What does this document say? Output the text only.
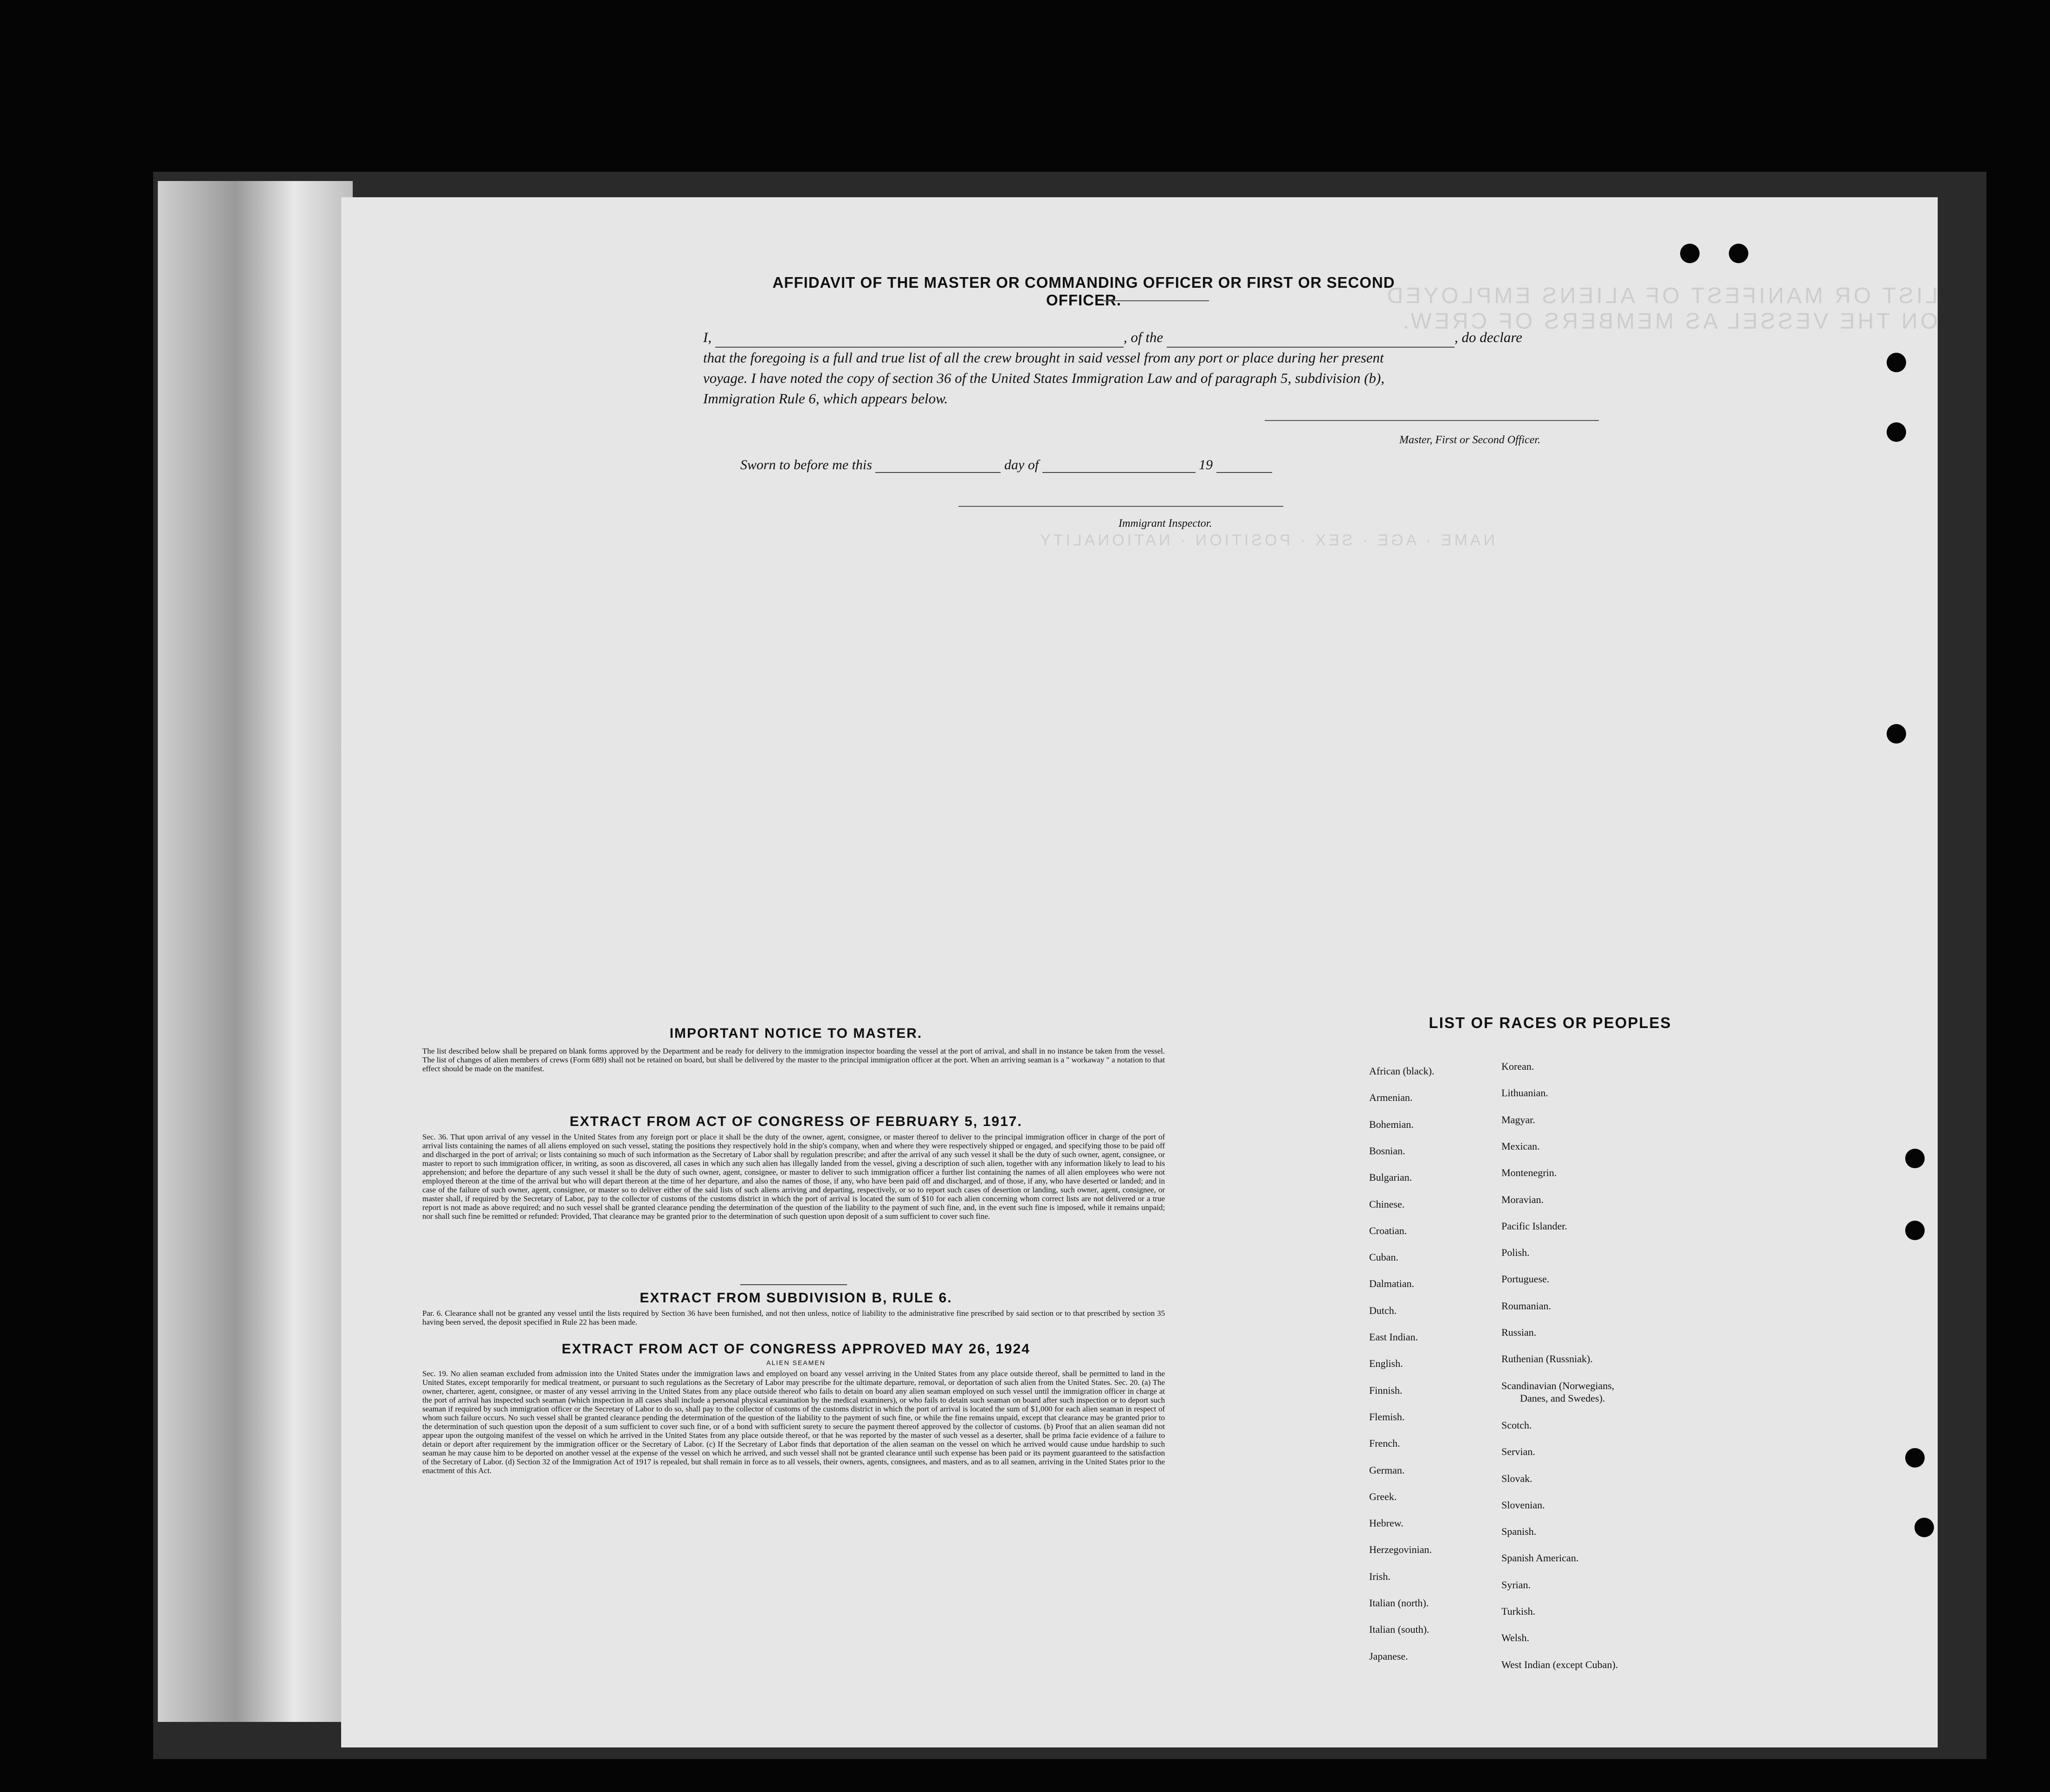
LIST OR MANIFEST OF ALIENS EMPLOYED ON THE VESSEL AS MEMBERS OF CREW.
NAME · AGE · SEX · POSITION · NATIONALITY
AFFIDAVIT OF THE MASTER OR COMMANDING OFFICER OR FIRST OR SECOND OFFICER.
I,	, of the	, do declare
that the foregoing is a full and true list of all the crew brought in said vessel from any port or place during her present
voyage. I have noted the copy of section 36 of the United States Immigration Law and of paragraph 5, subdivision (b),
Immigration Rule 6, which appears below.
Master, First or Second Officer.
Sworn to before me this	day of	19
Immigrant Inspector.
IMPORTANT NOTICE TO MASTER.
The list described below shall be prepared on blank forms approved by the Department and be ready for delivery to the immigration inspector boarding the vessel at the port of arrival, and shall in no instance be taken from the vessel. The list of changes of alien members of crews (Form 689) shall not be retained on board, but shall be delivered by the master to the principal immigration officer at the port. When an arriving seaman is a " workaway " a notation to that effect should be made on the manifest.
EXTRACT FROM ACT OF CONGRESS OF FEBRUARY 5, 1917.
Sec. 36. That upon arrival of any vessel in the United States from any foreign port or place it shall be the duty of the owner, agent, consignee, or master thereof to deliver to the principal immigration officer in charge of the port of arrival lists containing the names of all aliens employed on such vessel, stating the positions they respectively hold in the ship's company, when and where they were respectively shipped or engaged, and specifying those to be paid off and discharged in the port of arrival; or lists containing so much of such information as the Secretary of Labor shall by regulation prescribe; and after the arrival of any such vessel it shall be the duty of such owner, agent, consignee, or master to report to such immigration officer, in writing, as soon as discovered, all cases in which any such alien has illegally landed from the vessel, giving a description of such alien, together with any information likely to lead to his apprehension; and before the departure of any such vessel it shall be the duty of such owner, agent, consignee, or master to deliver to such immigration officer a further list containing the names of all alien employees who were not employed thereon at the time of the arrival but who will depart thereon at the time of her departure, and also the names of those, if any, who have been paid off and discharged, and of those, if any, who have deserted or landed; and in case of the failure of such owner, agent, consignee, or master so to deliver either of the said lists of such aliens arriving and departing, respectively, or so to report such cases of desertion or landing, such owner, agent, consignee, or master shall, if required by the Secretary of Labor, pay to the collector of customs of the customs district in which the port of arrival is located the sum of $10 for each alien concerning whom correct lists are not delivered or a true report is not made as above required; and no such vessel shall be granted clearance pending the determination of the question of the liability to the payment of such fine, and, in the event such fine is imposed, while it remains unpaid; nor shall such fine be remitted or refunded: Provided, That clearance may be granted prior to the determination of such question upon deposit of a sum sufficient to cover such fine.
EXTRACT FROM SUBDIVISION B, RULE 6.
Par. 6. Clearance shall not be granted any vessel until the lists required by Section 36 have been furnished, and not then unless, notice of liability to the administrative fine prescribed by said section or to that prescribed by section 35 having been served, the deposit specified in Rule 22 has been made.
EXTRACT FROM ACT OF CONGRESS APPROVED MAY 26, 1924
ALIEN SEAMEN
Sec. 19. No alien seaman excluded from admission into the United States under the immigration laws and employed on board any vessel arriving in the United States from any place outside thereof, shall be permitted to land in the United States, except temporarily for medical treatment, or pursuant to such regulations as the Secretary of Labor may prescribe for the ultimate departure, removal, or deportation of such alien from the United States. Sec. 20. (a) The owner, charterer, agent, consignee, or master of any vessel arriving in the United States from any place outside thereof who fails to detain on board any alien seaman employed on such vessel until the immigration officer in charge at the port of arrival has inspected such seaman (which inspection in all cases shall include a personal physical examination by the medical examiners), or who fails to detain such seaman on board after such inspection or to deport such seaman if required by such immigration officer or the Secretary of Labor to do so, shall pay to the collector of customs of the customs district in which the port of arrival is located the sum of $1,000 for each alien seaman in respect of whom such failure occurs. No such vessel shall be granted clearance pending the determination of the question of the liability to the payment of such fine, or while the fine remains unpaid, except that clearance may be granted prior to the determination of such question upon the deposit of a sum sufficient to cover such fine, or of a bond with sufficient surety to secure the payment thereof approved by the collector of customs. (b) Proof that an alien seaman did not appear upon the outgoing manifest of the vessel on which he arrived in the United States from any place outside thereof, or that he was reported by the master of such vessel as a deserter, shall be prima facie evidence of a failure to detain or deport after requirement by the immigration officer or the Secretary of Labor. (c) If the Secretary of Labor finds that deportation of the alien seaman on the vessel on which he arrived would cause undue hardship to such seaman he may cause him to be deported on another vessel at the expense of the vessel on which he arrived, and such vessel shall not be granted clearance until such expense has been paid or its payment guaranteed to the satisfaction of the Secretary of Labor. (d) Section 32 of the Immigration Act of 1917 is repealed, but shall remain in force as to all vessels, their owners, agents, consignees, and masters, and as to all seamen, arriving in the United States prior to the enactment of this Act.
LIST OF RACES OR PEOPLES
African (black).
Armenian.
Bohemian.
Bosnian.
Bulgarian.
Chinese.
Croatian.
Cuban.
Dalmatian.
Dutch.
East Indian.
English.
Finnish.
Flemish.
French.
German.
Greek.
Hebrew.
Herzegovinian.
Irish.
Italian (north).
Italian (south).
Japanese.
Korean.
Lithuanian.
Magyar.
Mexican.
Montenegrin.
Moravian.
Pacific Islander.
Polish.
Portuguese.
Roumanian.
Russian.
Ruthenian (Russniak).
Scandinavian (Norwegians,
Danes, and Swedes).
Scotch.
Servian.
Slovak.
Slovenian.
Spanish.
Spanish American.
Syrian.
Turkish.
Welsh.
West Indian (except Cuban).
